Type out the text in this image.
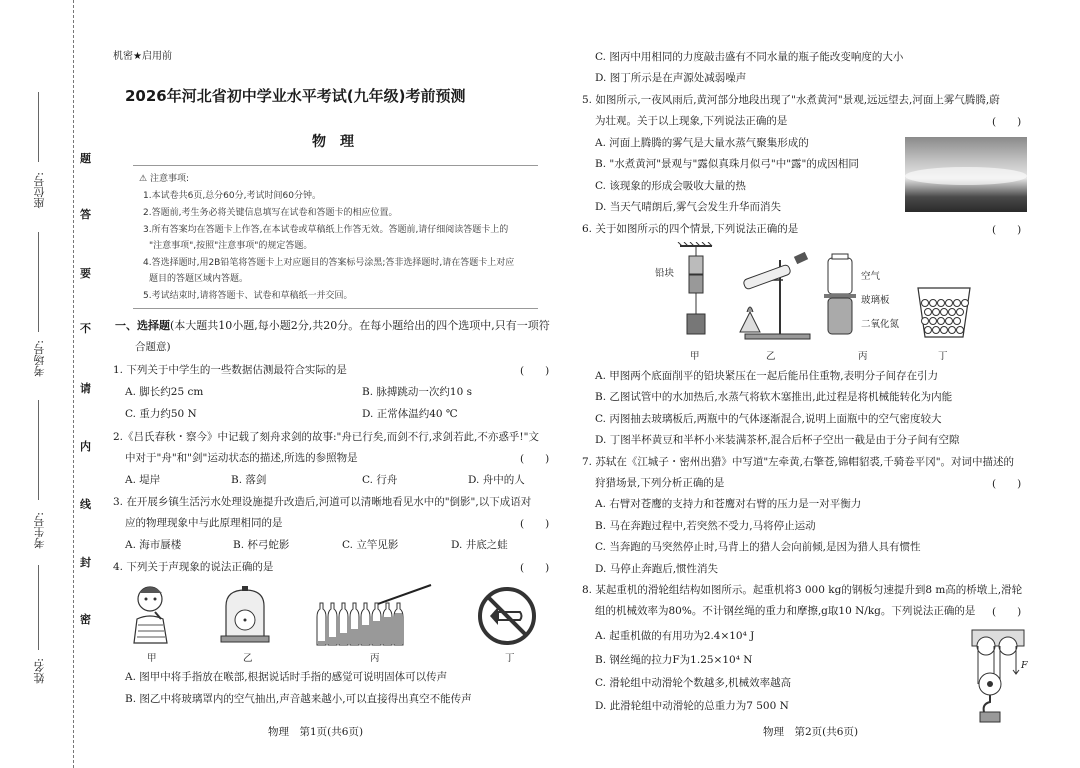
座位号:
考场号:
考生号:
姓名:
题
答
要
不
请
内
线
封
密
机密★启用前
2026年河北省初中学业水平考试(九年级)考前预测
物　理
⚠ 注意事项:
1.本试卷共6页,总分60分,考试时间60分钟。
2.答题前,考生务必将关键信息填写在试卷和答题卡的相应位置。
3.所有答案均在答题卡上作答,在本试卷或草稿纸上作答无效。答题前,请仔细阅读答题卡上的
"注意事项",按照"注意事项"的规定答题。
4.答选择题时,用2B铅笔将答题卡上对应题目的答案标号涂黑;答非选择题时,请在答题卡上对应
题目的答题区域内答题。
5.考试结束时,请将答题卡、试卷和草稿纸一并交回。
一、选择题(本大题共10小题,每小题2分,共20分。在每小题给出的四个选项中,只有一项符
合题意)
1. 下列关于中学生的一些数据估测最符合实际的是	(　　)
A. 脚长约25 cm	B. 脉搏跳动一次约10 s
C. 重力约50 N	D. 正常体温约40 ℃
2.《吕氏春秋・察今》中记载了刻舟求剑的故事:"舟已行矣,而剑不行,求剑若此,不亦惑乎!"文
中对于"舟"和"剑"运动状态的描述,所选的参照物是	(　　)
A. 堤岸	B. 落剑	C. 行舟	D. 舟中的人
3. 在开展乡镇生活污水处理设施提升改造后,河道可以清晰地看见水中的"倒影",以下成语对
应的物理现象中与此原理相同的是	(　　)
A. 海市蜃楼	B. 杯弓蛇影	C. 立竿见影	D. 井底之蛙
4. 下列关于声现象的说法正确的是	(　　)
甲	乙	丙	丁
A. 图甲中将手指放在喉部,根据说话时手指的感觉可说明固体可以传声
B. 图乙中将玻璃罩内的空气抽出,声音越来越小,可以直接得出真空不能传声
物理　第1页(共6页)
C. 图丙中用相同的力度敲击盛有不同水量的瓶子能改变响度的大小
D. 图丁所示是在声源处减弱噪声
5. 如图所示,一夜风雨后,黄河部分地段出现了"水煮黄河"景观,远远望去,河面上雾气腾腾,蔚
为壮观。关于以上现象,下列说法正确的是	(　　)
A. 河面上腾腾的雾气是大量水蒸气聚集形成的
B. "水煮黄河"景观与"露似真珠月似弓"中"露"的成因相同
C. 该现象的形成会吸收大量的热
D. 当天气晴朗后,雾气会发生升华而消失
6. 关于如图所示的四个情景,下列说法正确的是	(　　)
铅块
甲	乙
空气
玻璃板
二氧化氮
丙	丁
A. 甲图两个底面削平的铅块紧压在一起后能吊住重物,表明分子间存在引力
B. 乙图试管中的水加热后,水蒸气将软木塞推出,此过程是将机械能转化为内能
C. 丙图抽去玻璃板后,两瓶中的气体逐渐混合,说明上面瓶中的空气密度较大
D. 丁图半杯黄豆和半杯小米装满茶杯,混合后杯子空出一截是由于分子间有空隙
7. 苏轼在《江城子・密州出猎》中写道"左牵黄,右擎苍,锦帽貂裘,千骑卷平冈"。对词中描述的
狩猎场景,下列分析正确的是	(　　)
A. 右臂对苍鹰的支持力和苍鹰对右臂的压力是一对平衡力
B. 马在奔跑过程中,若突然不受力,马将停止运动
C. 当奔跑的马突然停止时,马背上的猎人会向前倾,是因为猎人具有惯性
D. 马停止奔跑后,惯性消失
8. 某起重机的滑轮组结构如图所示。起重机将3 000 kg的钢板匀速提升到8 m高的桥墩上,滑轮
组的机械效率为80%。不计钢丝绳的重力和摩擦,g取10 N/kg。下列说法正确的是 (　　)
A. 起重机做的有用功为2.4×10⁴ J
B. 钢丝绳的拉力F为1.25×10⁴ N
C. 滑轮组中动滑轮个数越多,机械效率越高
D. 此滑轮组中动滑轮的总重力为7 500 N
F
物理　第2页(共6页)
